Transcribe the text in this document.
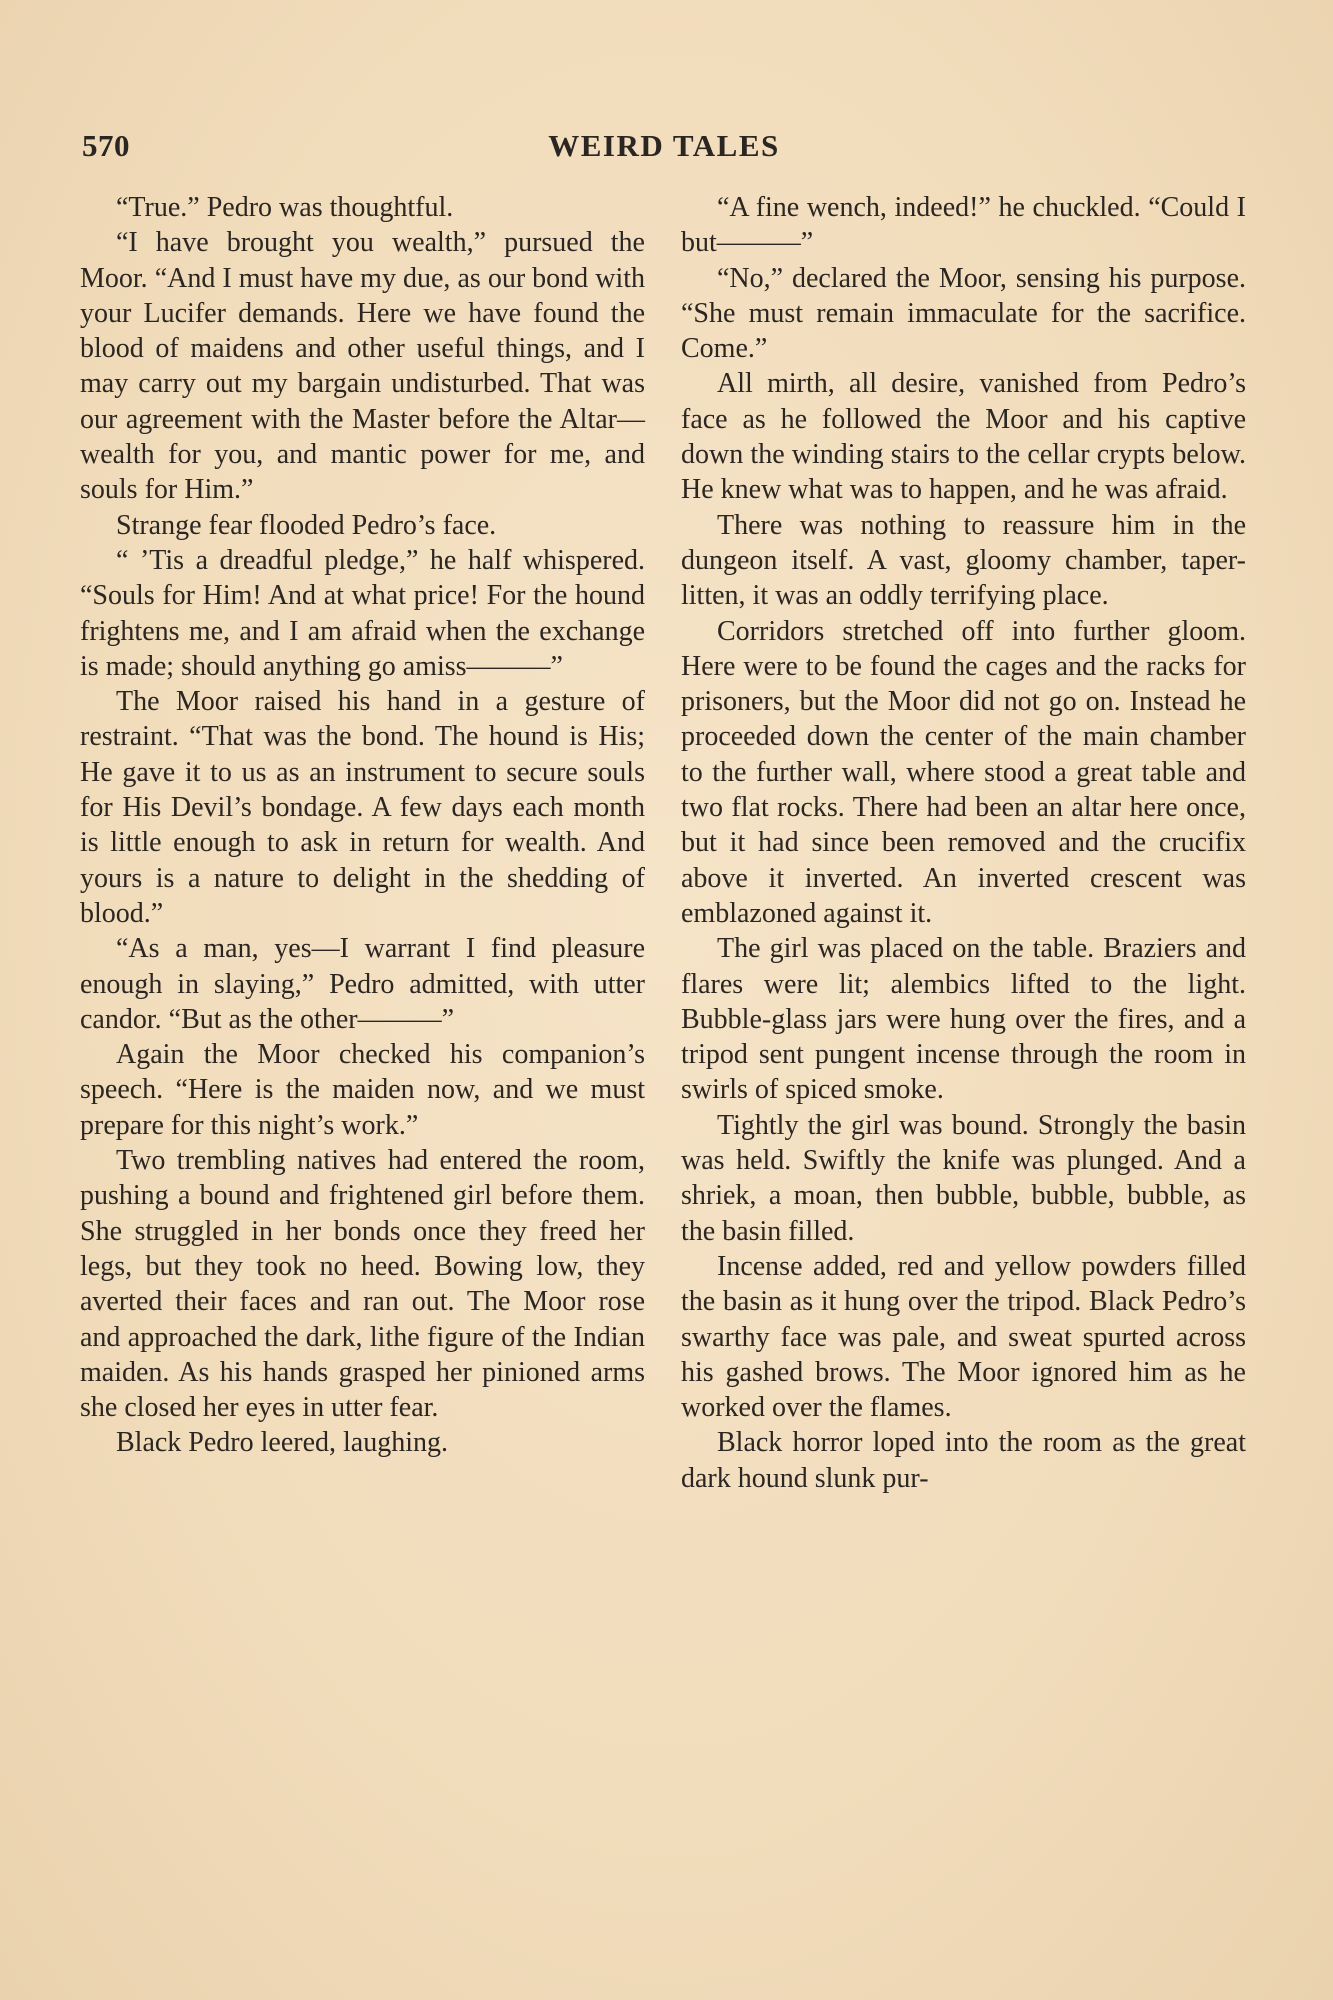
570	WEIRD TALES

“True.” Pedro was thoughtful.

“I have brought you wealth,” pursued the Moor. “And I must have my due, as our bond with your Lucifer demands. Here we have found the blood of maidens and other useful things, and I may carry out my bargain undisturbed. That was our agreement with the Master before the Altar—wealth for you, and mantic power for me, and souls for Him.”

Strange fear flooded Pedro’s face.

“ ’Tis a dreadful pledge,” he half whispered. “Souls for Him! And at what price! For the hound frightens me, and I am afraid when the exchange is made; should anything go amiss———”

The Moor raised his hand in a gesture of restraint. “That was the bond. The hound is His; He gave it to us as an instrument to secure souls for His Devil’s bondage. A few days each month is little enough to ask in return for wealth. And yours is a nature to delight in the shedding of blood.”

“As a man, yes—I warrant I find pleasure enough in slaying,” Pedro admitted, with utter candor. “But as the other———”

Again the Moor checked his companion’s speech. “Here is the maiden now, and we must prepare for this night’s work.”

Two trembling natives had entered the room, pushing a bound and frightened girl before them. She struggled in her bonds once they freed her legs, but they took no heed. Bowing low, they averted their faces and ran out. The Moor rose and approached the dark, lithe figure of the Indian maiden. As his hands grasped her pinioned arms she closed her eyes in utter fear.

Black Pedro leered, laughing.

“A fine wench, indeed!” he chuckled. “Could I but———”

“No,” declared the Moor, sensing his purpose. “She must remain immaculate for the sacrifice. Come.”

All mirth, all desire, vanished from Pedro’s face as he followed the Moor and his captive down the winding stairs to the cellar crypts below. He knew what was to happen, and he was afraid.

There was nothing to reassure him in the dungeon itself. A vast, gloomy chamber, taper-litten, it was an oddly terrifying place.

Corridors stretched off into further gloom. Here were to be found the cages and the racks for prisoners, but the Moor did not go on. Instead he proceeded down the center of the main chamber to the further wall, where stood a great table and two flat rocks. There had been an altar here once, but it had since been removed and the crucifix above it inverted. An inverted crescent was emblazoned against it.

The girl was placed on the table. Braziers and flares were lit; alembics lifted to the light. Bubble-glass jars were hung over the fires, and a tripod sent pungent incense through the room in swirls of spiced smoke.

Tightly the girl was bound. Strongly the basin was held. Swiftly the knife was plunged. And a shriek, a moan, then bubble, bubble, bubble, as the basin filled.

Incense added, red and yellow powders filled the basin as it hung over the tripod. Black Pedro’s swarthy face was pale, and sweat spurted across his gashed brows. The Moor ignored him as he worked over the flames.

Black horror loped into the room as the great dark hound slunk pur-
